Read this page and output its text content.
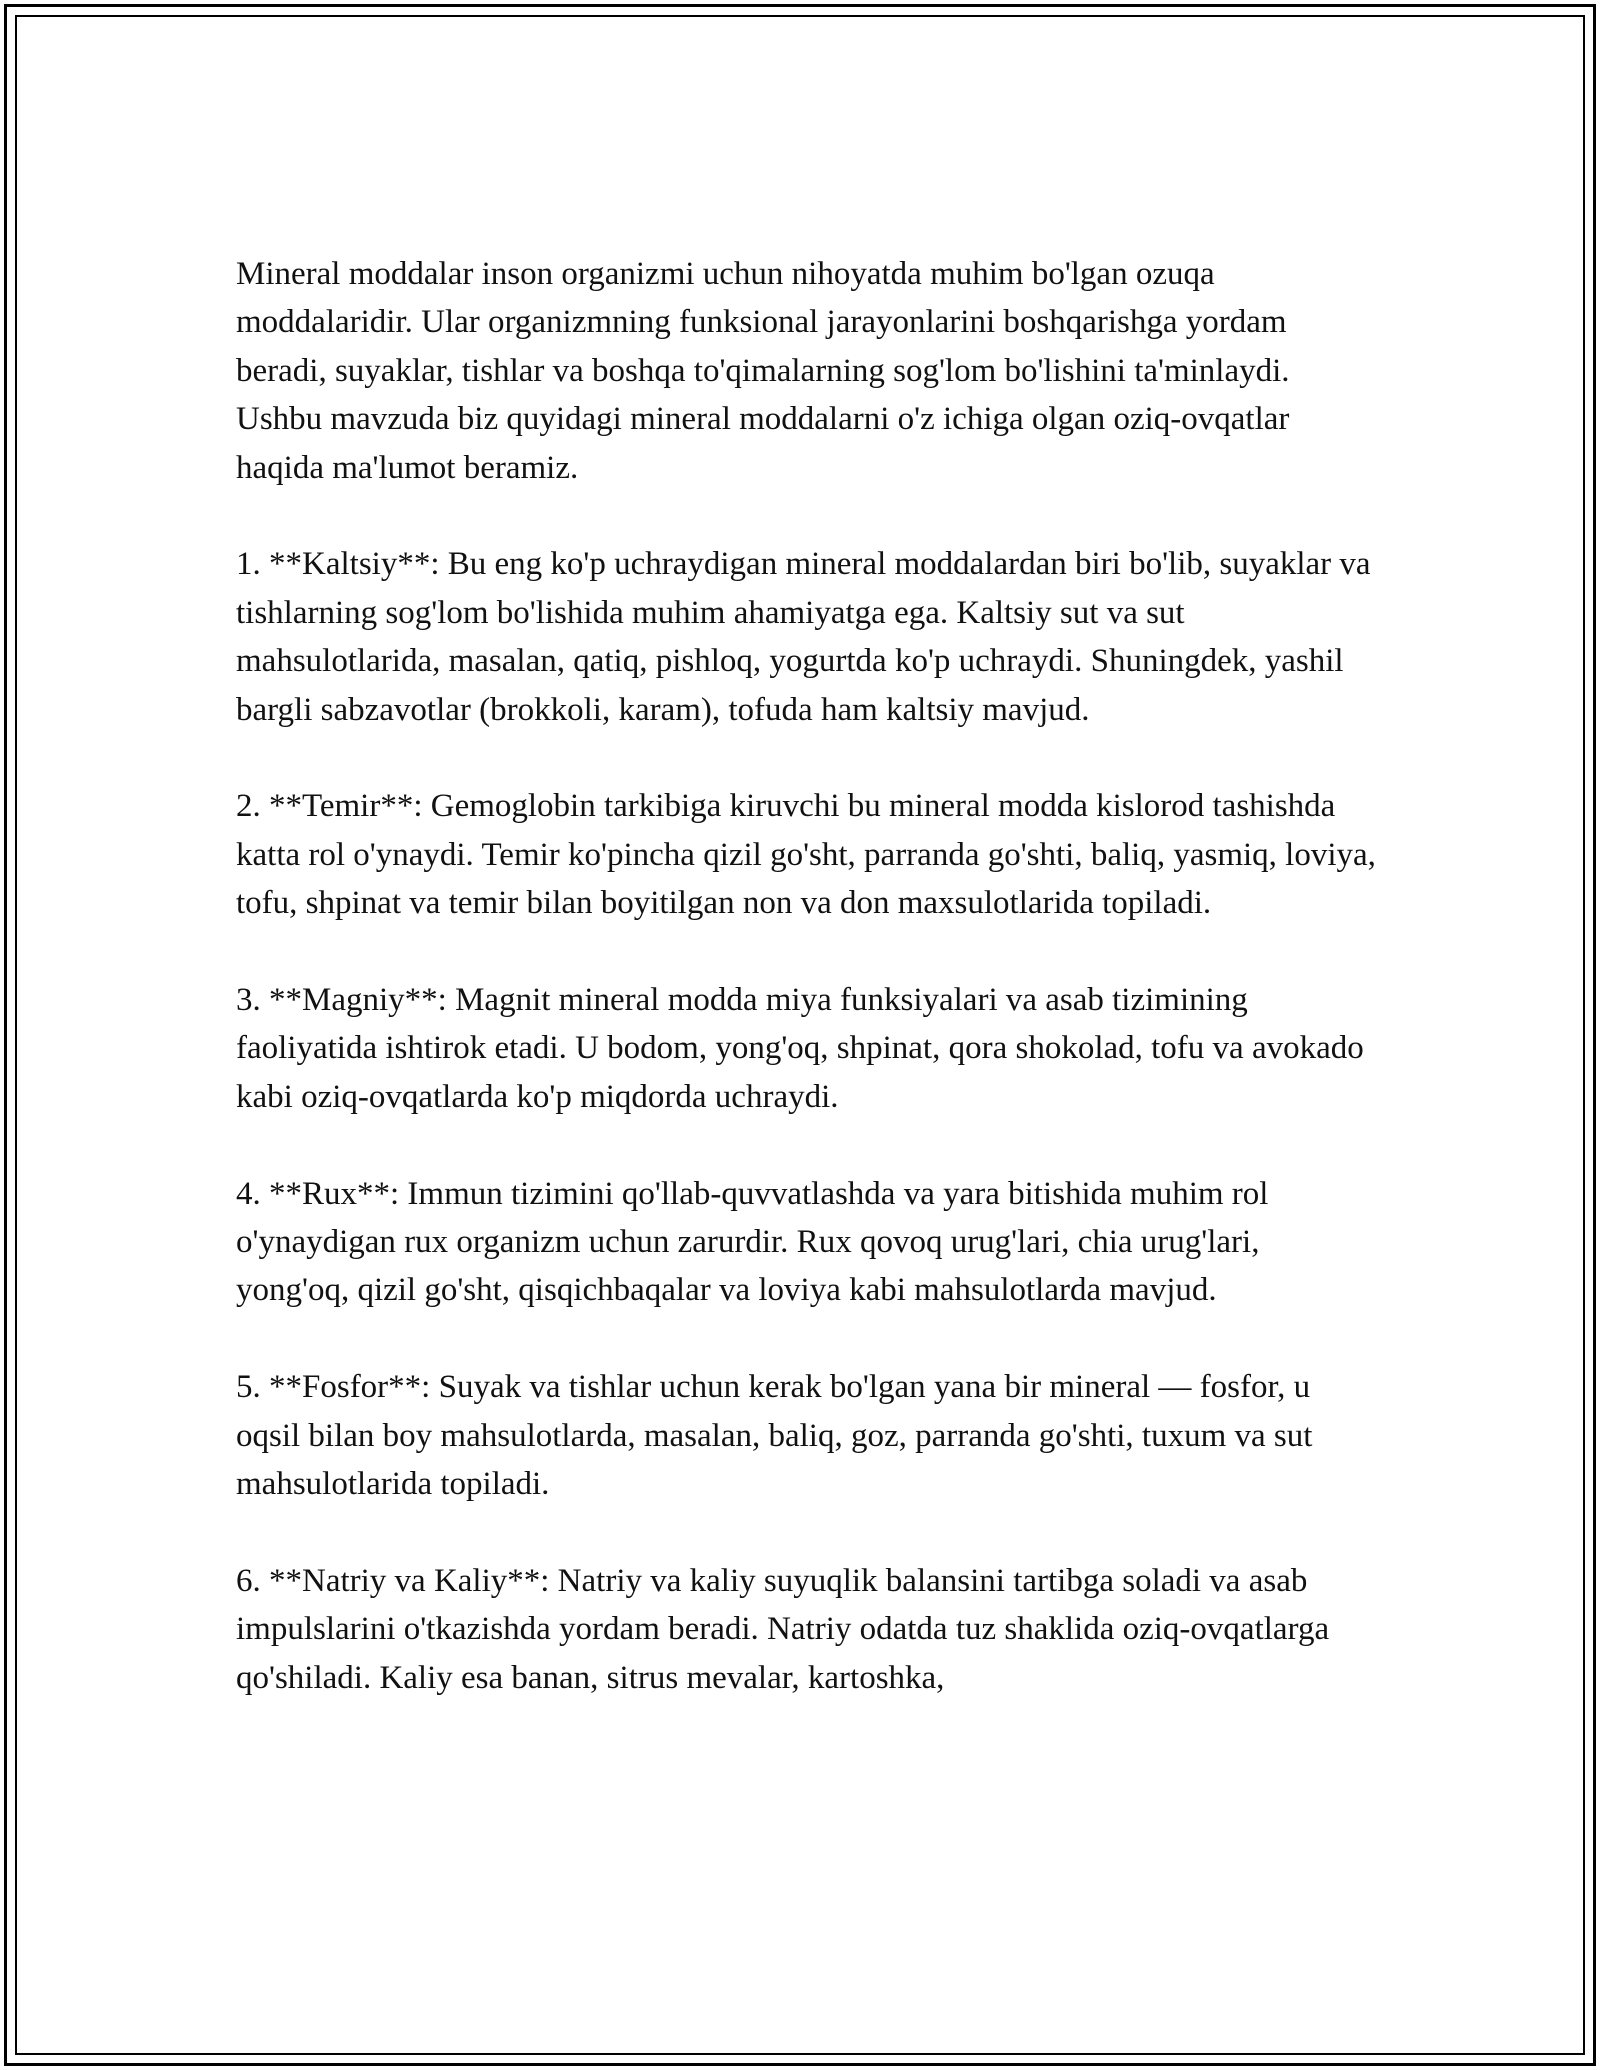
Mineral moddalar inson organizmi uchun nihoyatda muhim bo'lgan ozuqa moddalaridir. Ular organizmning funksional jarayonlarini boshqarishga yordam beradi, suyaklar, tishlar va boshqa to'qimalarning sog'lom bo'lishini ta'minlaydi. Ushbu mavzuda biz quyidagi mineral moddalarni o'z ichiga olgan oziq-ovqatlar haqida ma'lumot beramiz.

1. **Kaltsiy**: Bu eng ko'p uchraydigan mineral moddalardan biri bo'lib, suyaklar va tishlarning sog'lom bo'lishida muhim ahamiyatga ega. Kaltsiy sut va sut mahsulotlarida, masalan, qatiq, pishloq, yogurtda ko'p uchraydi. Shuningdek, yashil bargli sabzavotlar (brokkoli, karam), tofuda ham kaltsiy mavjud.

2. **Temir**: Gemoglobin tarkibiga kiruvchi bu mineral modda kislorod tashishda katta rol o'ynaydi. Temir ko'pincha qizil go'sht, parranda go'shti, baliq, yasmiq, loviya, tofu, shpinat va temir bilan boyitilgan non va don maxsulotlarida topiladi.

3. **Magniy**: Magnit mineral modda miya funksiyalari va asab tizimining faoliyatida ishtirok etadi. U bodom, yong'oq, shpinat, qora shokolad, tofu va avokado kabi oziq-ovqatlarda ko'p miqdorda uchraydi.

4. **Rux**: Immun tizimini qo'llab-quvvatlashda va yara bitishida muhim rol o'ynaydigan rux organizm uchun zarurdir. Rux qovoq urug'lari, chia urug'lari, yong'oq, qizil go'sht, qisqichbaqalar va loviya kabi mahsulotlarda mavjud.

5. **Fosfor**: Suyak va tishlar uchun kerak bo'lgan yana bir mineral — fosfor, u oqsil bilan boy mahsulotlarda, masalan, baliq, goz, parranda go'shti, tuxum va sut mahsulotlarida topiladi.

6. **Natriy va Kaliy**: Natriy va kaliy suyuqlik balansini tartibga soladi va asab impulslarini o'tkazishda yordam beradi. Natriy odatda tuz shaklida oziq-ovqatlarga qo'shiladi. Kaliy esa banan, sitrus mevalar, kartoshka,
